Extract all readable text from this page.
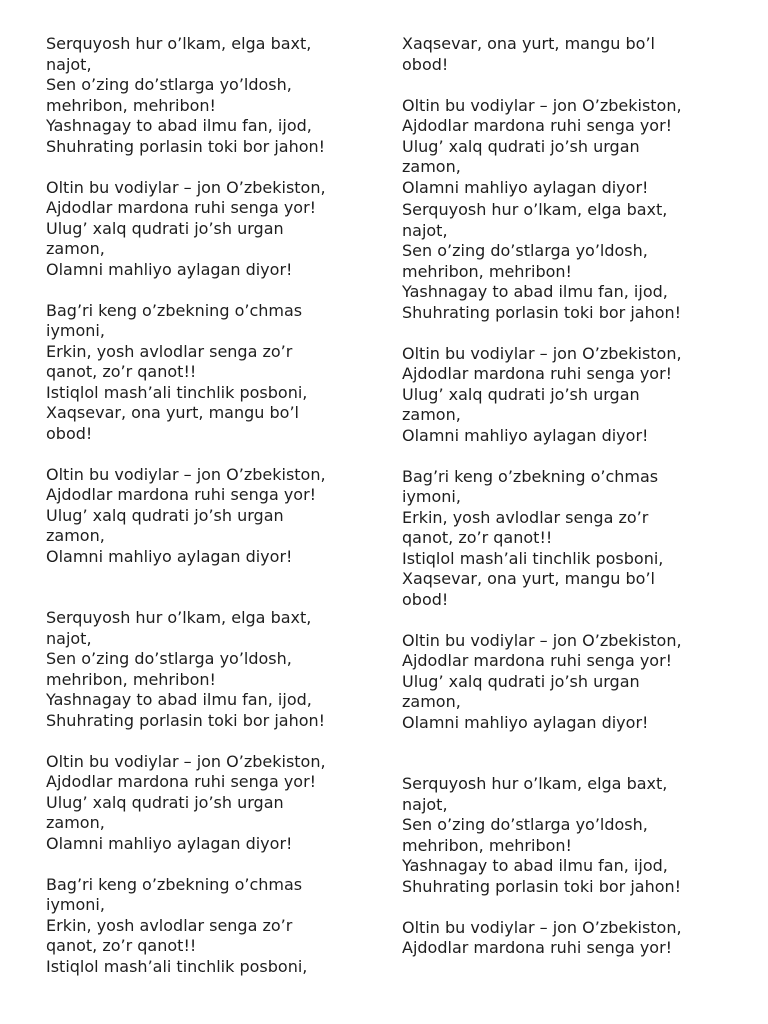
Serquyosh hur o’lkam, elga baxt,
najot,
Sen o’zing do’stlarga yo’ldosh,
mehribon, mehribon!
Yashnagay to abad ilmu fan, ijod,
Shuhrating porlasin toki bor jahon!
Oltin bu vodiylar – jon O’zbekiston,
Ajdodlar mardona ruhi senga yor!
Ulug’ xalq qudrati jo’sh urgan
zamon,
Olamni mahliyo aylagan diyor!
Bag’ri keng o’zbekning o’chmas
iymoni,
Erkin, yosh avlodlar senga zo’r
qanot, zo’r qanot!!
Istiqlol mash’ali tinchlik posboni,
Xaqsevar, ona yurt, mangu bo’l
obod!
Oltin bu vodiylar – jon O’zbekiston,
Ajdodlar mardona ruhi senga yor!
Ulug’ xalq qudrati jo’sh urgan
zamon,
Olamni mahliyo aylagan diyor!
Serquyosh hur o’lkam, elga baxt,
najot,
Sen o’zing do’stlarga yo’ldosh,
mehribon, mehribon!
Yashnagay to abad ilmu fan, ijod,
Shuhrating porlasin toki bor jahon!
Oltin bu vodiylar – jon O’zbekiston,
Ajdodlar mardona ruhi senga yor!
Ulug’ xalq qudrati jo’sh urgan
zamon,
Olamni mahliyo aylagan diyor!
Bag’ri keng o’zbekning o’chmas
iymoni,
Erkin, yosh avlodlar senga zo’r
qanot, zo’r qanot!!
Istiqlol mash’ali tinchlik posboni,
Xaqsevar, ona yurt, mangu bo’l
obod!
Oltin bu vodiylar – jon O’zbekiston,
Ajdodlar mardona ruhi senga yor!
Ulug’ xalq qudrati jo’sh urgan
zamon,
Olamni mahliyo aylagan diyor!
Serquyosh hur o’lkam, elga baxt,
najot,
Sen o’zing do’stlarga yo’ldosh,
mehribon, mehribon!
Yashnagay to abad ilmu fan, ijod,
Shuhrating porlasin toki bor jahon!
Oltin bu vodiylar – jon O’zbekiston,
Ajdodlar mardona ruhi senga yor!
Ulug’ xalq qudrati jo’sh urgan
zamon,
Olamni mahliyo aylagan diyor!
Bag’ri keng o’zbekning o’chmas
iymoni,
Erkin, yosh avlodlar senga zo’r
qanot, zo’r qanot!!
Istiqlol mash’ali tinchlik posboni,
Xaqsevar, ona yurt, mangu bo’l
obod!
Oltin bu vodiylar – jon O’zbekiston,
Ajdodlar mardona ruhi senga yor!
Ulug’ xalq qudrati jo’sh urgan
zamon,
Olamni mahliyo aylagan diyor!
Serquyosh hur o’lkam, elga baxt,
najot,
Sen o’zing do’stlarga yo’ldosh,
mehribon, mehribon!
Yashnagay to abad ilmu fan, ijod,
Shuhrating porlasin toki bor jahon!
Oltin bu vodiylar – jon O’zbekiston,
Ajdodlar mardona ruhi senga yor!
